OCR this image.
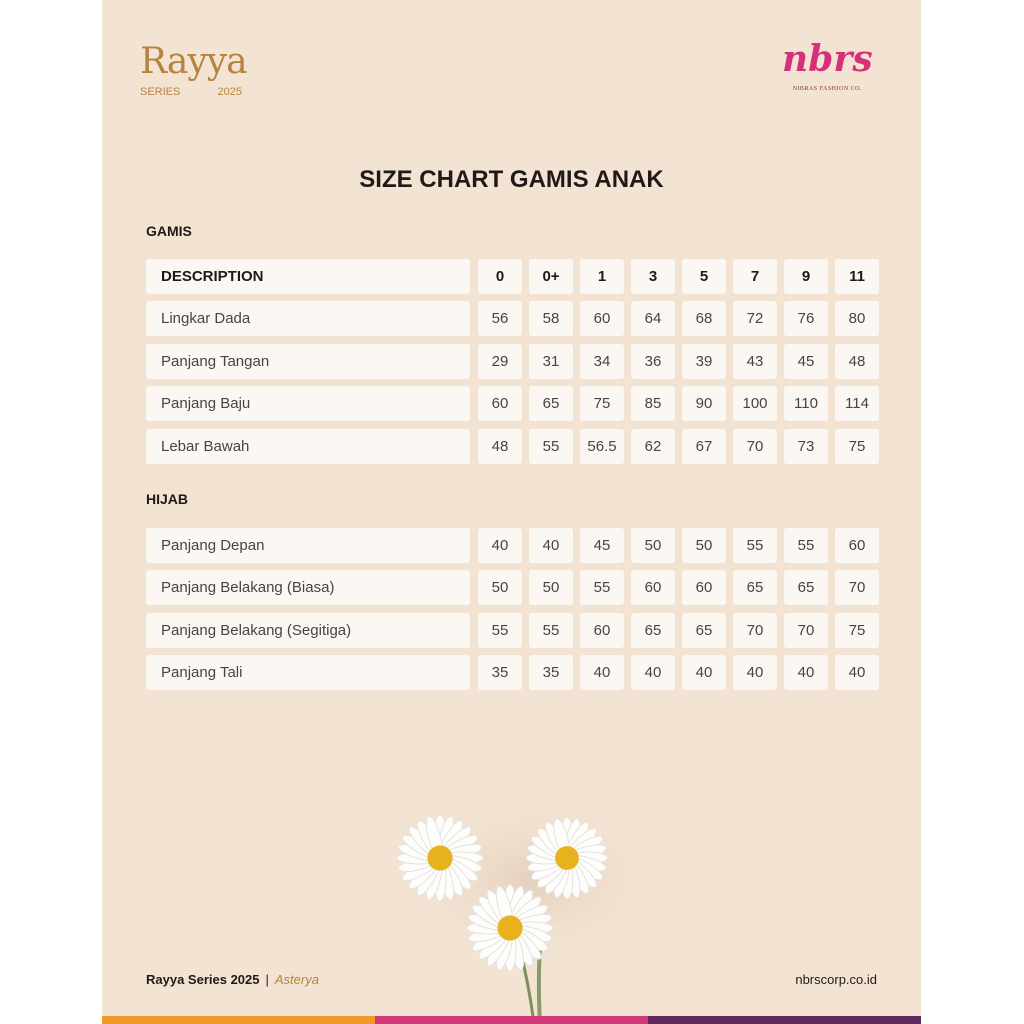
Rayya
SERIES	2025
nbrs
NIBRAS FASHION CO.
SIZE CHART GAMIS ANAK
GAMIS
HIJAB
Rayya Series 2025 | Asterya	nbrscorp.co.id
DESCRIPTION	0	0+	1	3	5	7	9	11
Lingkar Dada	56	58	60	64	68	72	76	80
Panjang Tangan	29	31	34	36	39	43	45	48
Panjang Baju	60	65	75	85	90	100	110	114
Lebar Bawah	48	55	56.5	62	67	70	73	75
Panjang Depan	40	40	45	50	50	55	55	60
Panjang Belakang (Biasa)	50	50	55	60	60	65	65	70
Panjang Belakang (Segitiga)	55	55	60	65	65	70	70	75
Panjang Tali	35	35	40	40	40	40	40	40
